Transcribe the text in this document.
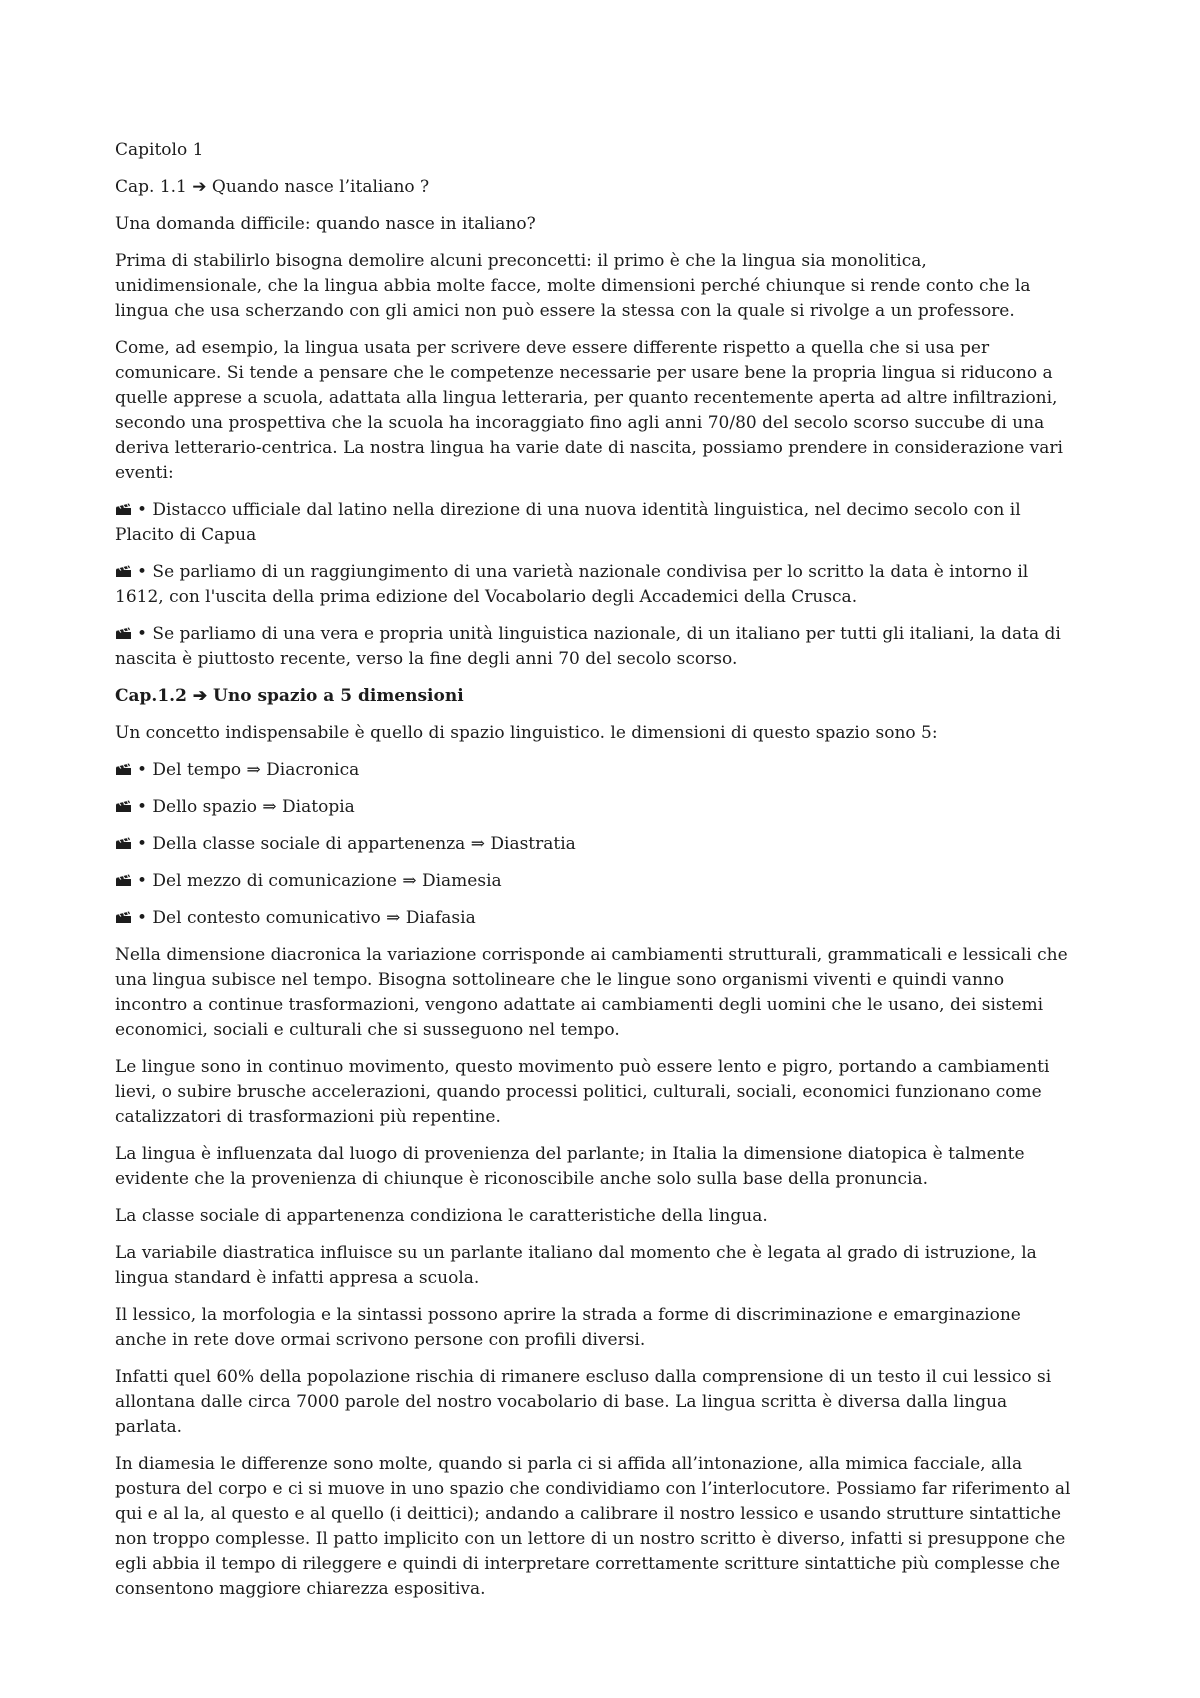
Capitolo 1

Cap. 1.1 ➔ Quando nasce l’italiano ?

Una domanda difficile: quando nasce in italiano?

Prima di stabilirlo bisogna demolire alcuni preconcetti: il primo è che la lingua sia monolitica, unidimensionale, che la lingua abbia molte facce, molte dimensioni perché chiunque si rende conto che la lingua che usa scherzando con gli amici non può essere la stessa con la quale si rivolge a un professore.

Come, ad esempio, la lingua usata per scrivere deve essere differente rispetto a quella che si usa per comunicare. Si tende a pensare che le competenze necessarie per usare bene la propria lingua si riducono a quelle apprese a scuola, adattata alla lingua letteraria, per quanto recentemente aperta ad altre infiltrazioni, secondo una prospettiva che la scuola ha incoraggiato fino agli anni 70/80 del secolo scorso succube di una deriva letterario-centrica. La nostra lingua ha varie date di nascita, possiamo prendere in considerazione vari eventi:

• Distacco ufficiale dal latino nella direzione di una nuova identità linguistica, nel decimo secolo con il Placito di Capua

• Se parliamo di un raggiungimento di una varietà nazionale condivisa per lo scritto la data è intorno il 1612, con l'uscita della prima edizione del Vocabolario degli Accademici della Crusca.

• Se parliamo di una vera e propria unità linguistica nazionale, di un italiano per tutti gli italiani, la data di nascita è piuttosto recente, verso la fine degli anni 70 del secolo scorso.

Cap.1.2 ➔ Uno spazio a 5 dimensioni

Un concetto indispensabile è quello di spazio linguistico. le dimensioni di questo spazio sono 5:

• Del tempo ⇒ Diacronica

• Dello spazio ⇒ Diatopia

• Della classe sociale di appartenenza ⇒ Diastratia

• Del mezzo di comunicazione ⇒ Diamesia

• Del contesto comunicativo ⇒ Diafasia

Nella dimensione diacronica la variazione corrisponde ai cambiamenti strutturali, grammaticali e lessicali che una lingua subisce nel tempo. Bisogna sottolineare che le lingue sono organismi viventi e quindi vanno incontro a continue trasformazioni, vengono adattate ai cambiamenti degli uomini che le usano, dei sistemi economici, sociali e culturali che si susseguono nel tempo.

Le lingue sono in continuo movimento, questo movimento può essere lento e pigro, portando a cambiamenti lievi, o subire brusche accelerazioni, quando processi politici, culturali, sociali, economici funzionano come catalizzatori di trasformazioni più repentine.

La lingua è influenzata dal luogo di provenienza del parlante; in Italia la dimensione diatopica è talmente evidente che la provenienza di chiunque è riconoscibile anche solo sulla base della pronuncia.

La classe sociale di appartenenza condiziona le caratteristiche della lingua.

La variabile diastratica influisce su un parlante italiano dal momento che è legata al grado di istruzione, la lingua standard è infatti appresa a scuola.

Il lessico, la morfologia e la sintassi possono aprire la strada a forme di discriminazione e emarginazione anche in rete dove ormai scrivono persone con profili diversi.

Infatti quel 60% della popolazione rischia di rimanere escluso dalla comprensione di un testo il cui lessico si allontana dalle circa 7000 parole del nostro vocabolario di base. La lingua scritta è diversa dalla lingua parlata.

In diamesia le differenze sono molte, quando si parla ci si affida all’intonazione, alla mimica facciale, alla postura del corpo e ci si muove in uno spazio che condividiamo con l’interlocutore. Possiamo far riferimento al qui e al la, al questo e al quello (i deittici); andando a calibrare il nostro lessico e usando strutture sintattiche non troppo complesse. Il patto implicito con un lettore di un nostro scritto è diverso, infatti si presuppone che egli abbia il tempo di rileggere e quindi di interpretare correttamente scritture sintattiche più complesse che consentono maggiore chiarezza espositiva.
